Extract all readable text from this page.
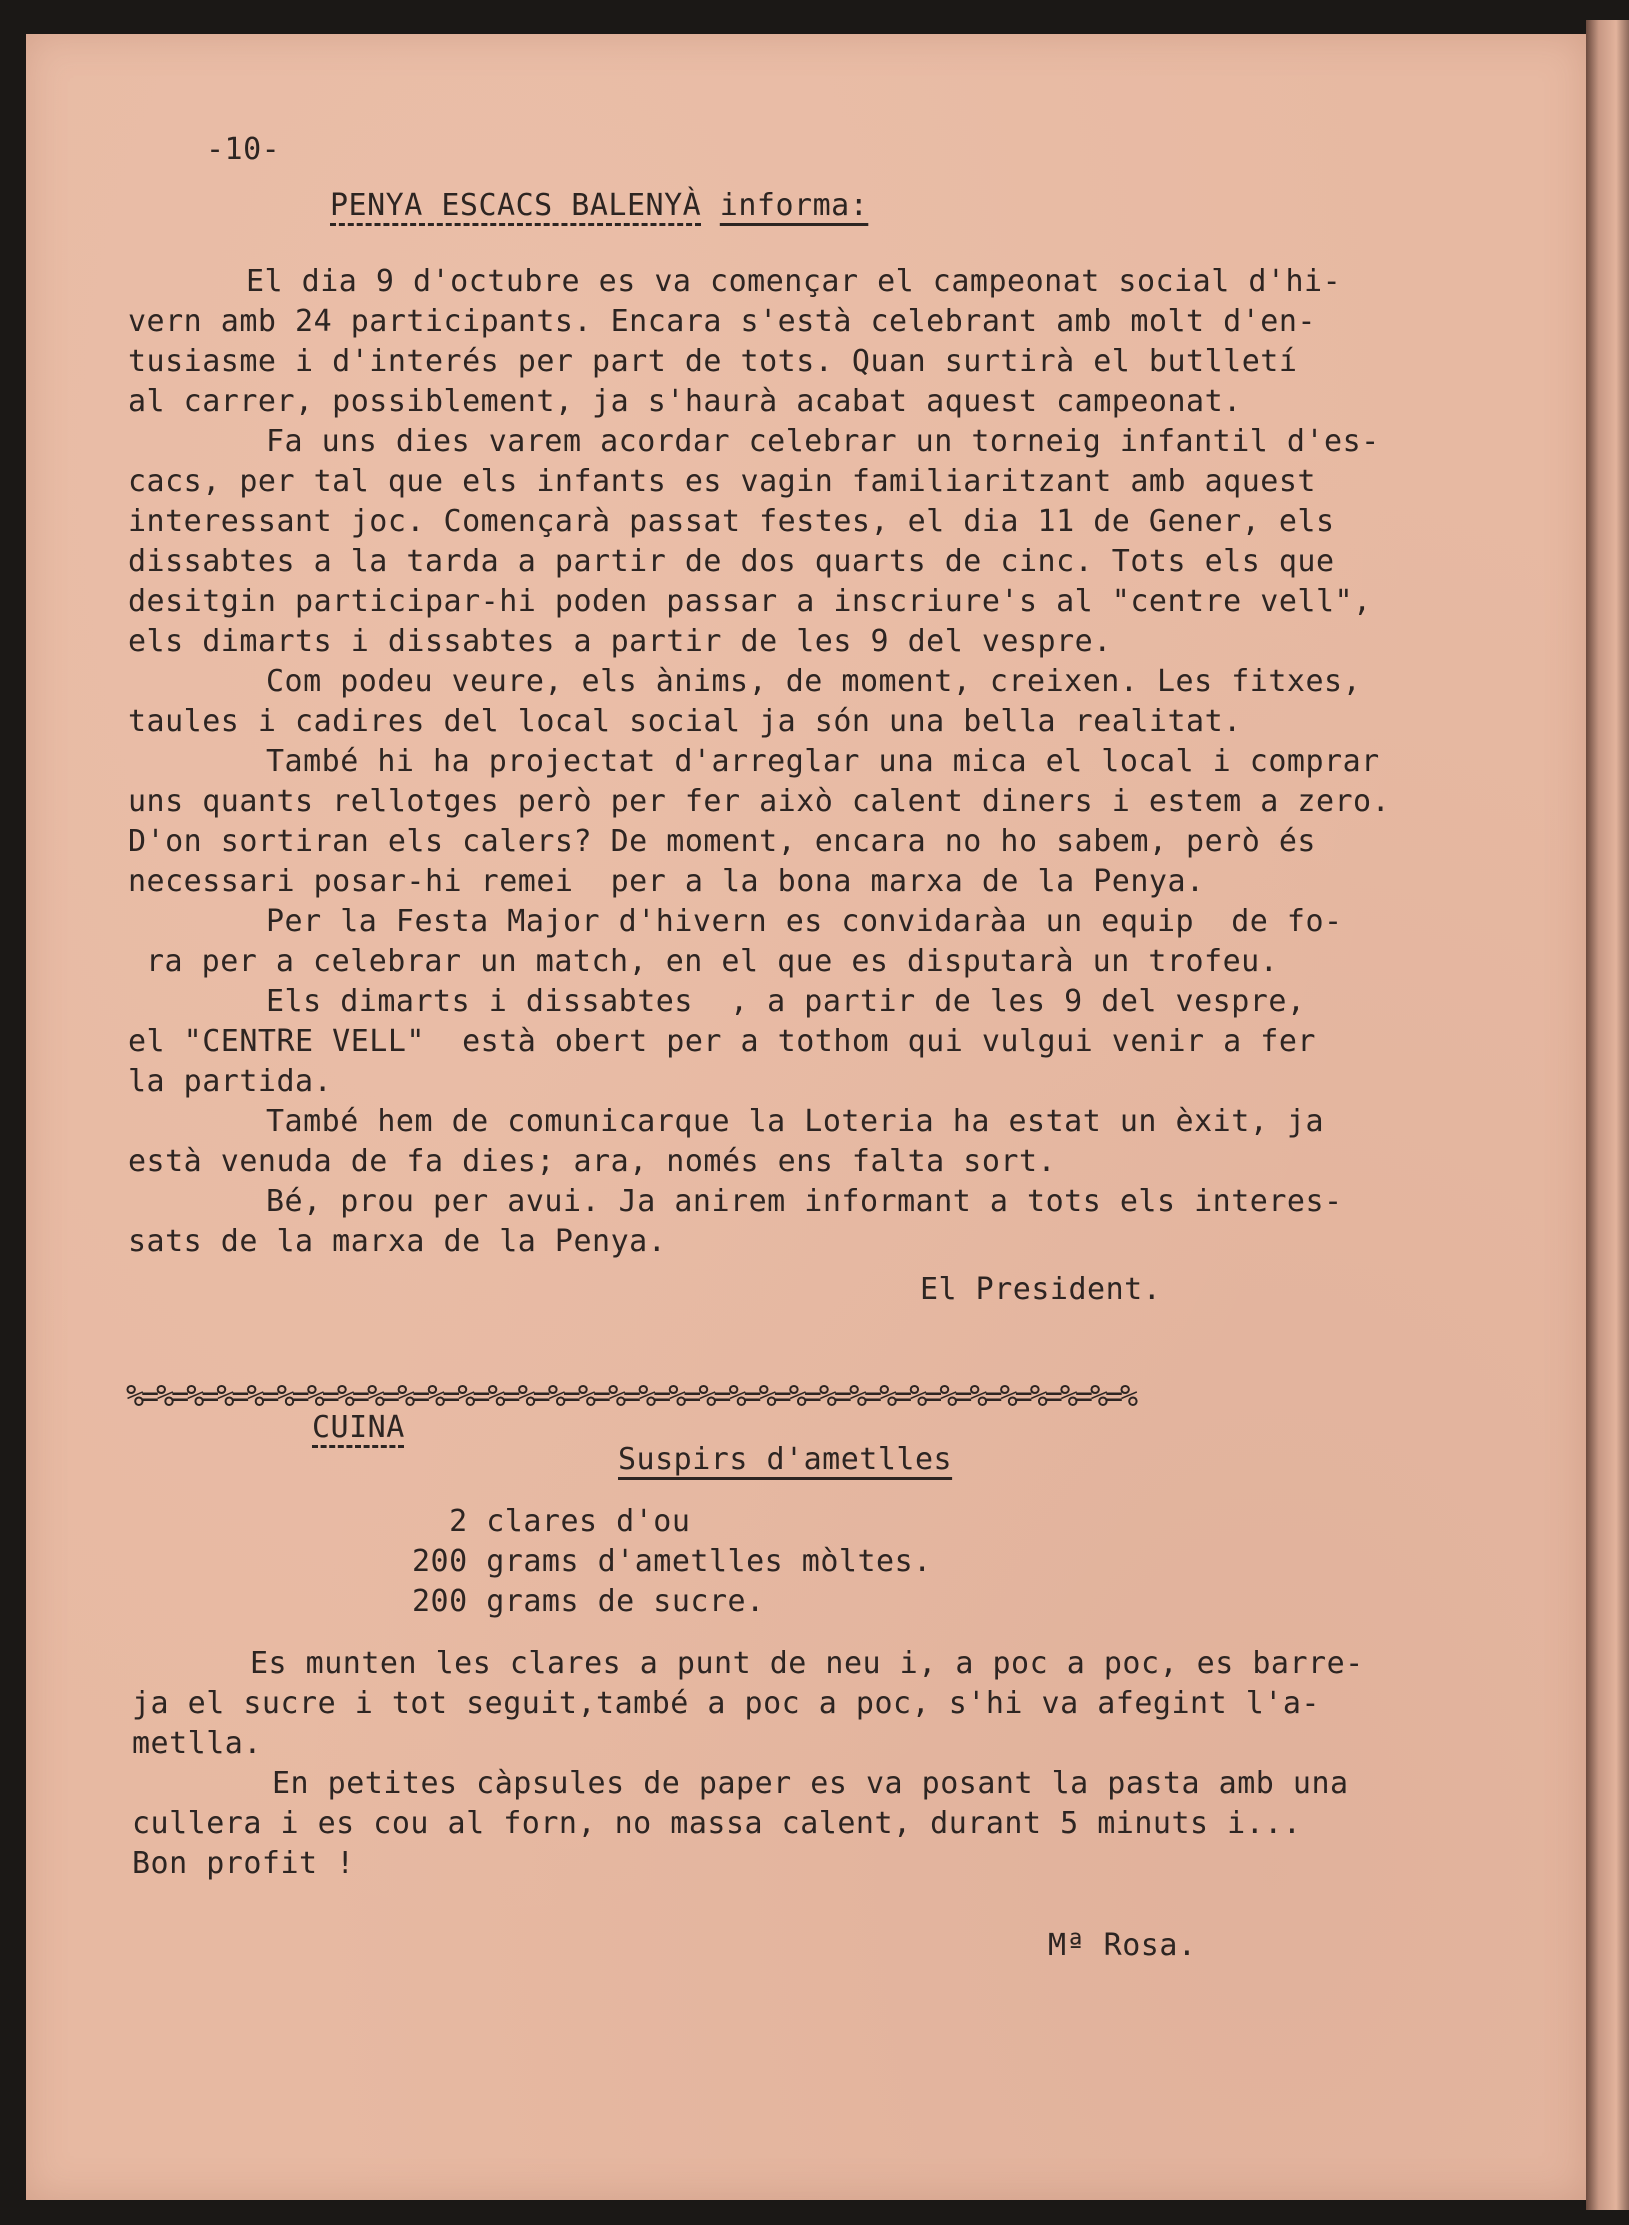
-10-
PENYA ESCACS BALENYÀ informa:
El dia 9 d'octubre es va començar el campeonat social d'hi-
vern amb 24 participants. Encara s'està celebrant amb molt d'en-
tusiasme i d'interés per part de tots. Quan surtirà el butlletí
al carrer, possiblement, ja s'haurà acabat aquest campeonat.
Fa uns dies varem acordar celebrar un torneig infantil d'es-
cacs, per tal que els infants es vagin familiaritzant amb aquest
interessant joc. Començarà passat festes, el dia 11 de Gener, els
dissabtes a la tarda a partir de dos quarts de cinc. Tots els que
desitgin participar-hi poden passar a inscriure's al "centre vell",
els dimarts i dissabtes a partir de les 9 del vespre.
Com podeu veure, els ànims, de moment, creixen. Les fitxes,
taules i cadires del local social ja són una bella realitat.
També hi ha projectat d'arreglar una mica el local i comprar
uns quants rellotges però per fer això calent diners i estem a zero.
D'on sortiran els calers? De moment, encara no ho sabem, però és
necessari posar-hi remei  per a la bona marxa de la Penya.
Per la Festa Major d'hivern es convidaràa un equip  de fo-
ra per a celebrar un match, en el que es disputarà un trofeu.
Els dimarts i dissabtes  , a partir de les 9 del vespre,
el "CENTRE VELL"  està obert per a tothom qui vulgui venir a fer
la partida.
També hem de comunicarque la Loteria ha estat un èxit, ja
està venuda de fa dies; ara, només ens falta sort.
Bé, prou per avui. Ja anirem informant a tots els interes-
sats de la marxa de la Penya.
El President.
%=%=%=%=%=%=%=%=%=%=%=%=%=%=%=%=%=%=%=%=%=%=%=%=%=%=%=%=%=%=%=%=%=%
CUINA
Suspirs d'ametlles
2 clares d'ou
200 grams d'ametlles mòltes.
200 grams de sucre.
Es munten les clares a punt de neu i, a poc a poc, es barre-
ja el sucre i tot seguit,també a poc a poc, s'hi va afegint l'a-
metlla.
En petites càpsules de paper es va posant la pasta amb una
cullera i es cou al forn, no massa calent, durant 5 minuts i...
Bon profit !
Mª Rosa.
